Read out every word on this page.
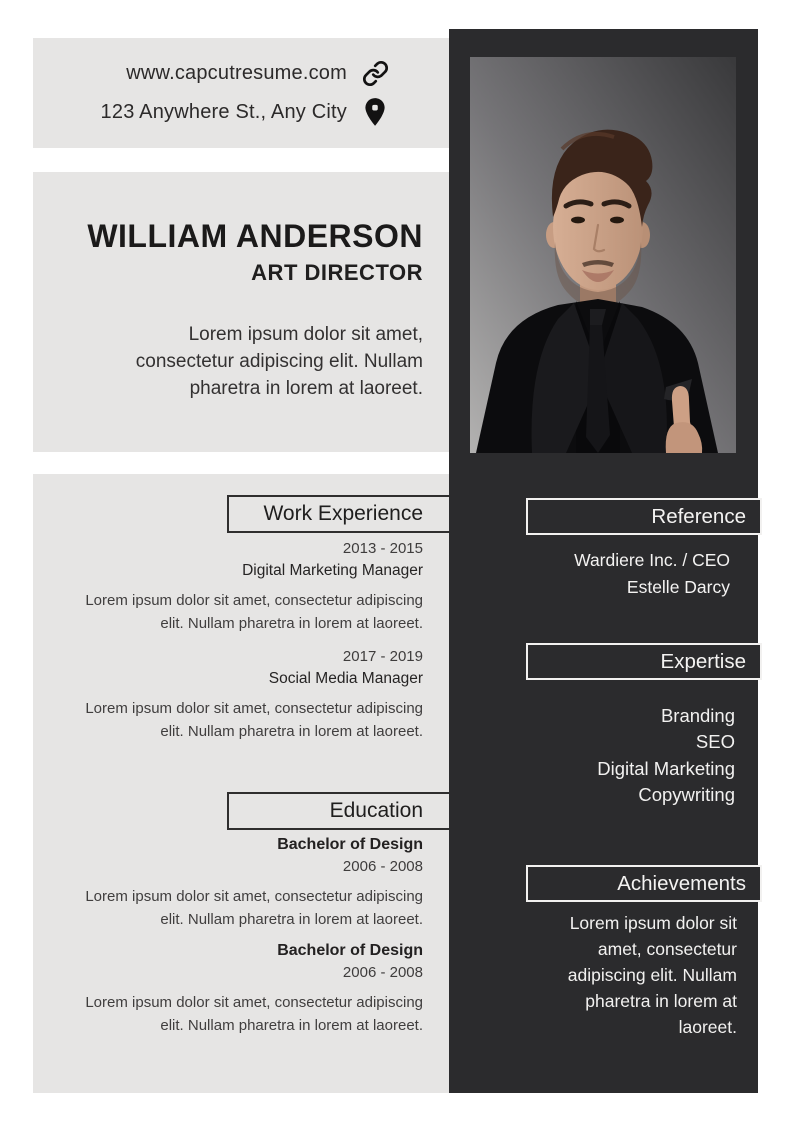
www.capcutresume.com
123 Anywhere St., Any City
WILLIAM ANDERSON
ART DIRECTOR

Lorem ipsum dolor sit amet, consectetur adipiscing elit. Nullam pharetra in lorem at laoreet.

Work Experience
2013 - 2015
Digital Marketing Manager
Lorem ipsum dolor sit amet, consectetur adipiscing elit. Nullam pharetra in lorem at laoreet.
2017 - 2019
Social Media Manager
Lorem ipsum dolor sit amet, consectetur adipiscing elit. Nullam pharetra in lorem at laoreet.
Education
Bachelor of Design
2006 - 2008
Lorem ipsum dolor sit amet, consectetur adipiscing elit. Nullam pharetra in lorem at laoreet.
Bachelor of Design
2006 - 2008
Lorem ipsum dolor sit amet, consectetur adipiscing elit. Nullam pharetra in lorem at laoreet.
Reference
Wardiere Inc. / CEO
Estelle Darcy
Expertise
Branding
SEO
Digital Marketing
Copywriting
Achievements
Lorem ipsum dolor sit amet, consectetur adipiscing elit. Nullam pharetra in lorem at laoreet.
